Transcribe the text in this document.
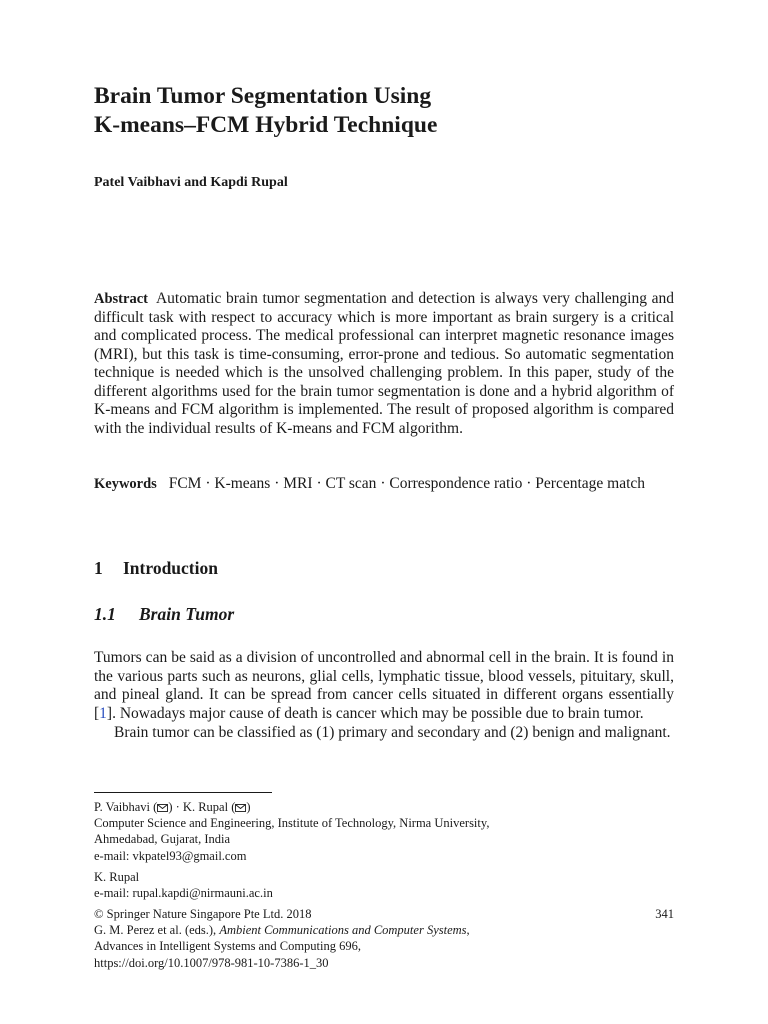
Brain Tumor Segmentation Using
K-means–FCM Hybrid Technique
Patel Vaibhavi and Kapdi Rupal

Abstract Automatic brain tumor segmentation and detection is always very challenging and difficult task with respect to accuracy which is more important as brain surgery is a critical and complicated process. The medical professional can interpret magnetic resonance images (MRI), but this task is time-consuming, error-prone and tedious. So automatic segmentation technique is needed which is the unsolved challenging problem. In this paper, study of the different algorithms used for the brain tumor segmentation is done and a hybrid algorithm of K-means and FCM algorithm is implemented. The result of proposed algorithm is compared with the individual results of K-means and FCM algorithm.

Keywords FCM · K-means · MRI · CT scan · Correspondence ratio · Percentage match

1 Introduction
1.1 Brain Tumor

Tumors can be said as a division of uncontrolled and abnormal cell in the brain. It is found in the various parts such as neurons, glial cells, lymphatic tissue, blood vessels, pituitary, skull, and pineal gland. It can be spread from cancer cells situated in different organs essentially [1]. Nowadays major cause of death is cancer which may be possible due to brain tumor.

Brain tumor can be classified as (1) primary and secondary and (2) benign and malignant.

P. Vaibhavi ( ) · K. Rupal ( )
Computer Science and Engineering, Institute of Technology, Nirma University,
Ahmedabad, Gujarat, India
e-mail: vkpatel93@gmail.com
K. Rupal
e-mail: rupal.kapdi@nirmauni.ac.in
© Springer Nature Singapore Pte Ltd. 2018
G. M. Perez et al. (eds.), Ambient Communications and Computer Systems,
Advances in Intelligent Systems and Computing 696,
https://doi.org/10.1007/978-981-10-7386-1_30
341
